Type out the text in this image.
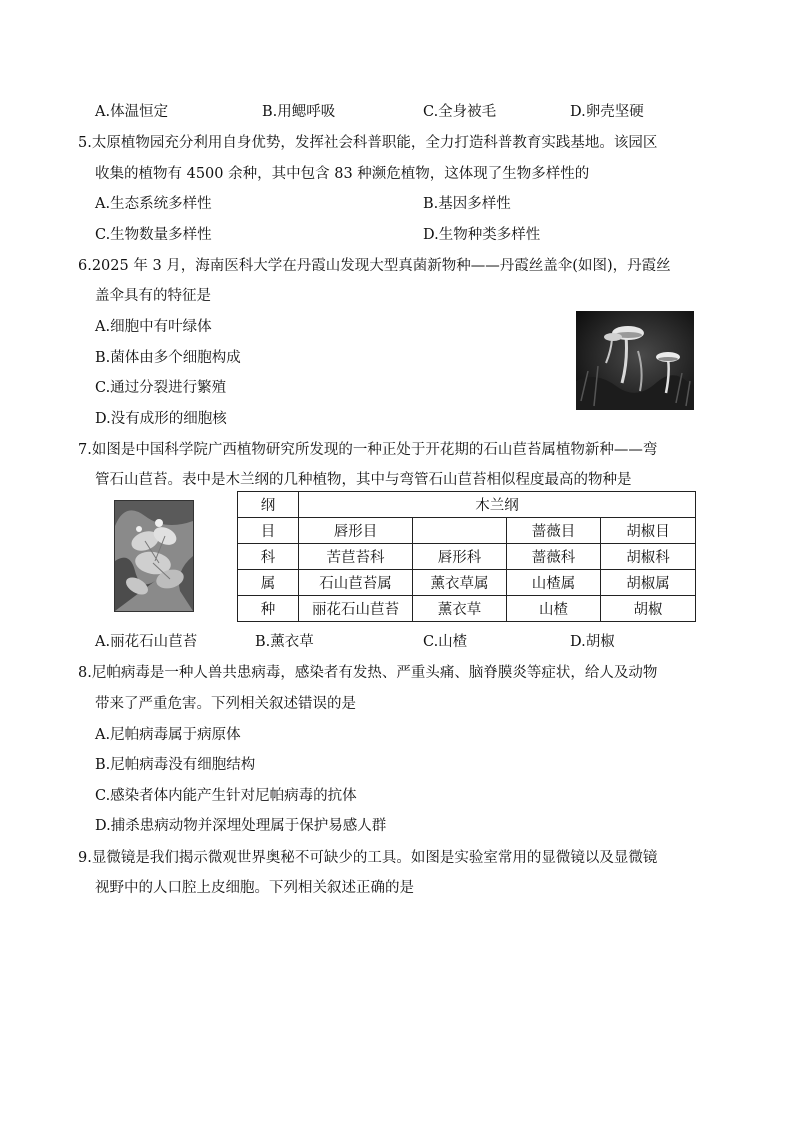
A.体温恒定	B.用鳃呼吸	C.全身被毛	D.卵壳坚硬
5.太原植物园充分利用自身优势，发挥社会科普职能，全力打造科普教育实践基地。该园区
收集的植物有 4500 余种，其中包含 83 种濒危植物，这体现了生物多样性的
A.生态系统多样性	B.基因多样性
C.生物数量多样性	D.生物种类多样性
6.2025 年 3 月，海南医科大学在丹霞山发现大型真菌新物种——丹霞丝盖伞(如图)，丹霞丝
盖伞具有的特征是
A.细胞中有叶绿体
B.菌体由多个细胞构成
C.通过分裂进行繁殖
D.没有成形的细胞核
7.如图是中国科学院广西植物研究所发现的一种正处于开花期的石山苣苔属植物新种——弯
管石山苣苔。表中是木兰纲的几种植物，其中与弯管石山苣苔相似程度最高的物种是
纲	木兰纲			
目	唇形目		蔷薇目	胡椒目
科	苦苣苔科	唇形科	蔷薇科	胡椒科
属	石山苣苔属	薰衣草属	山楂属	胡椒属
种	丽花石山苣苔	薰衣草	山楂	胡椒
A.丽花石山苣苔	B.薰衣草	C.山楂	D.胡椒
8.尼帕病毒是一种人兽共患病毒，感染者有发热、严重头痛、脑脊膜炎等症状，给人及动物
带来了严重危害。下列相关叙述错误的是
A.尼帕病毒属于病原体
B.尼帕病毒没有细胞结构
C.感染者体内能产生针对尼帕病毒的抗体
D.捕杀患病动物并深埋处理属于保护易感人群
9.显微镜是我们揭示微观世界奥秘不可缺少的工具。如图是实验室常用的显微镜以及显微镜
视野中的人口腔上皮细胞。下列相关叙述正确的是
